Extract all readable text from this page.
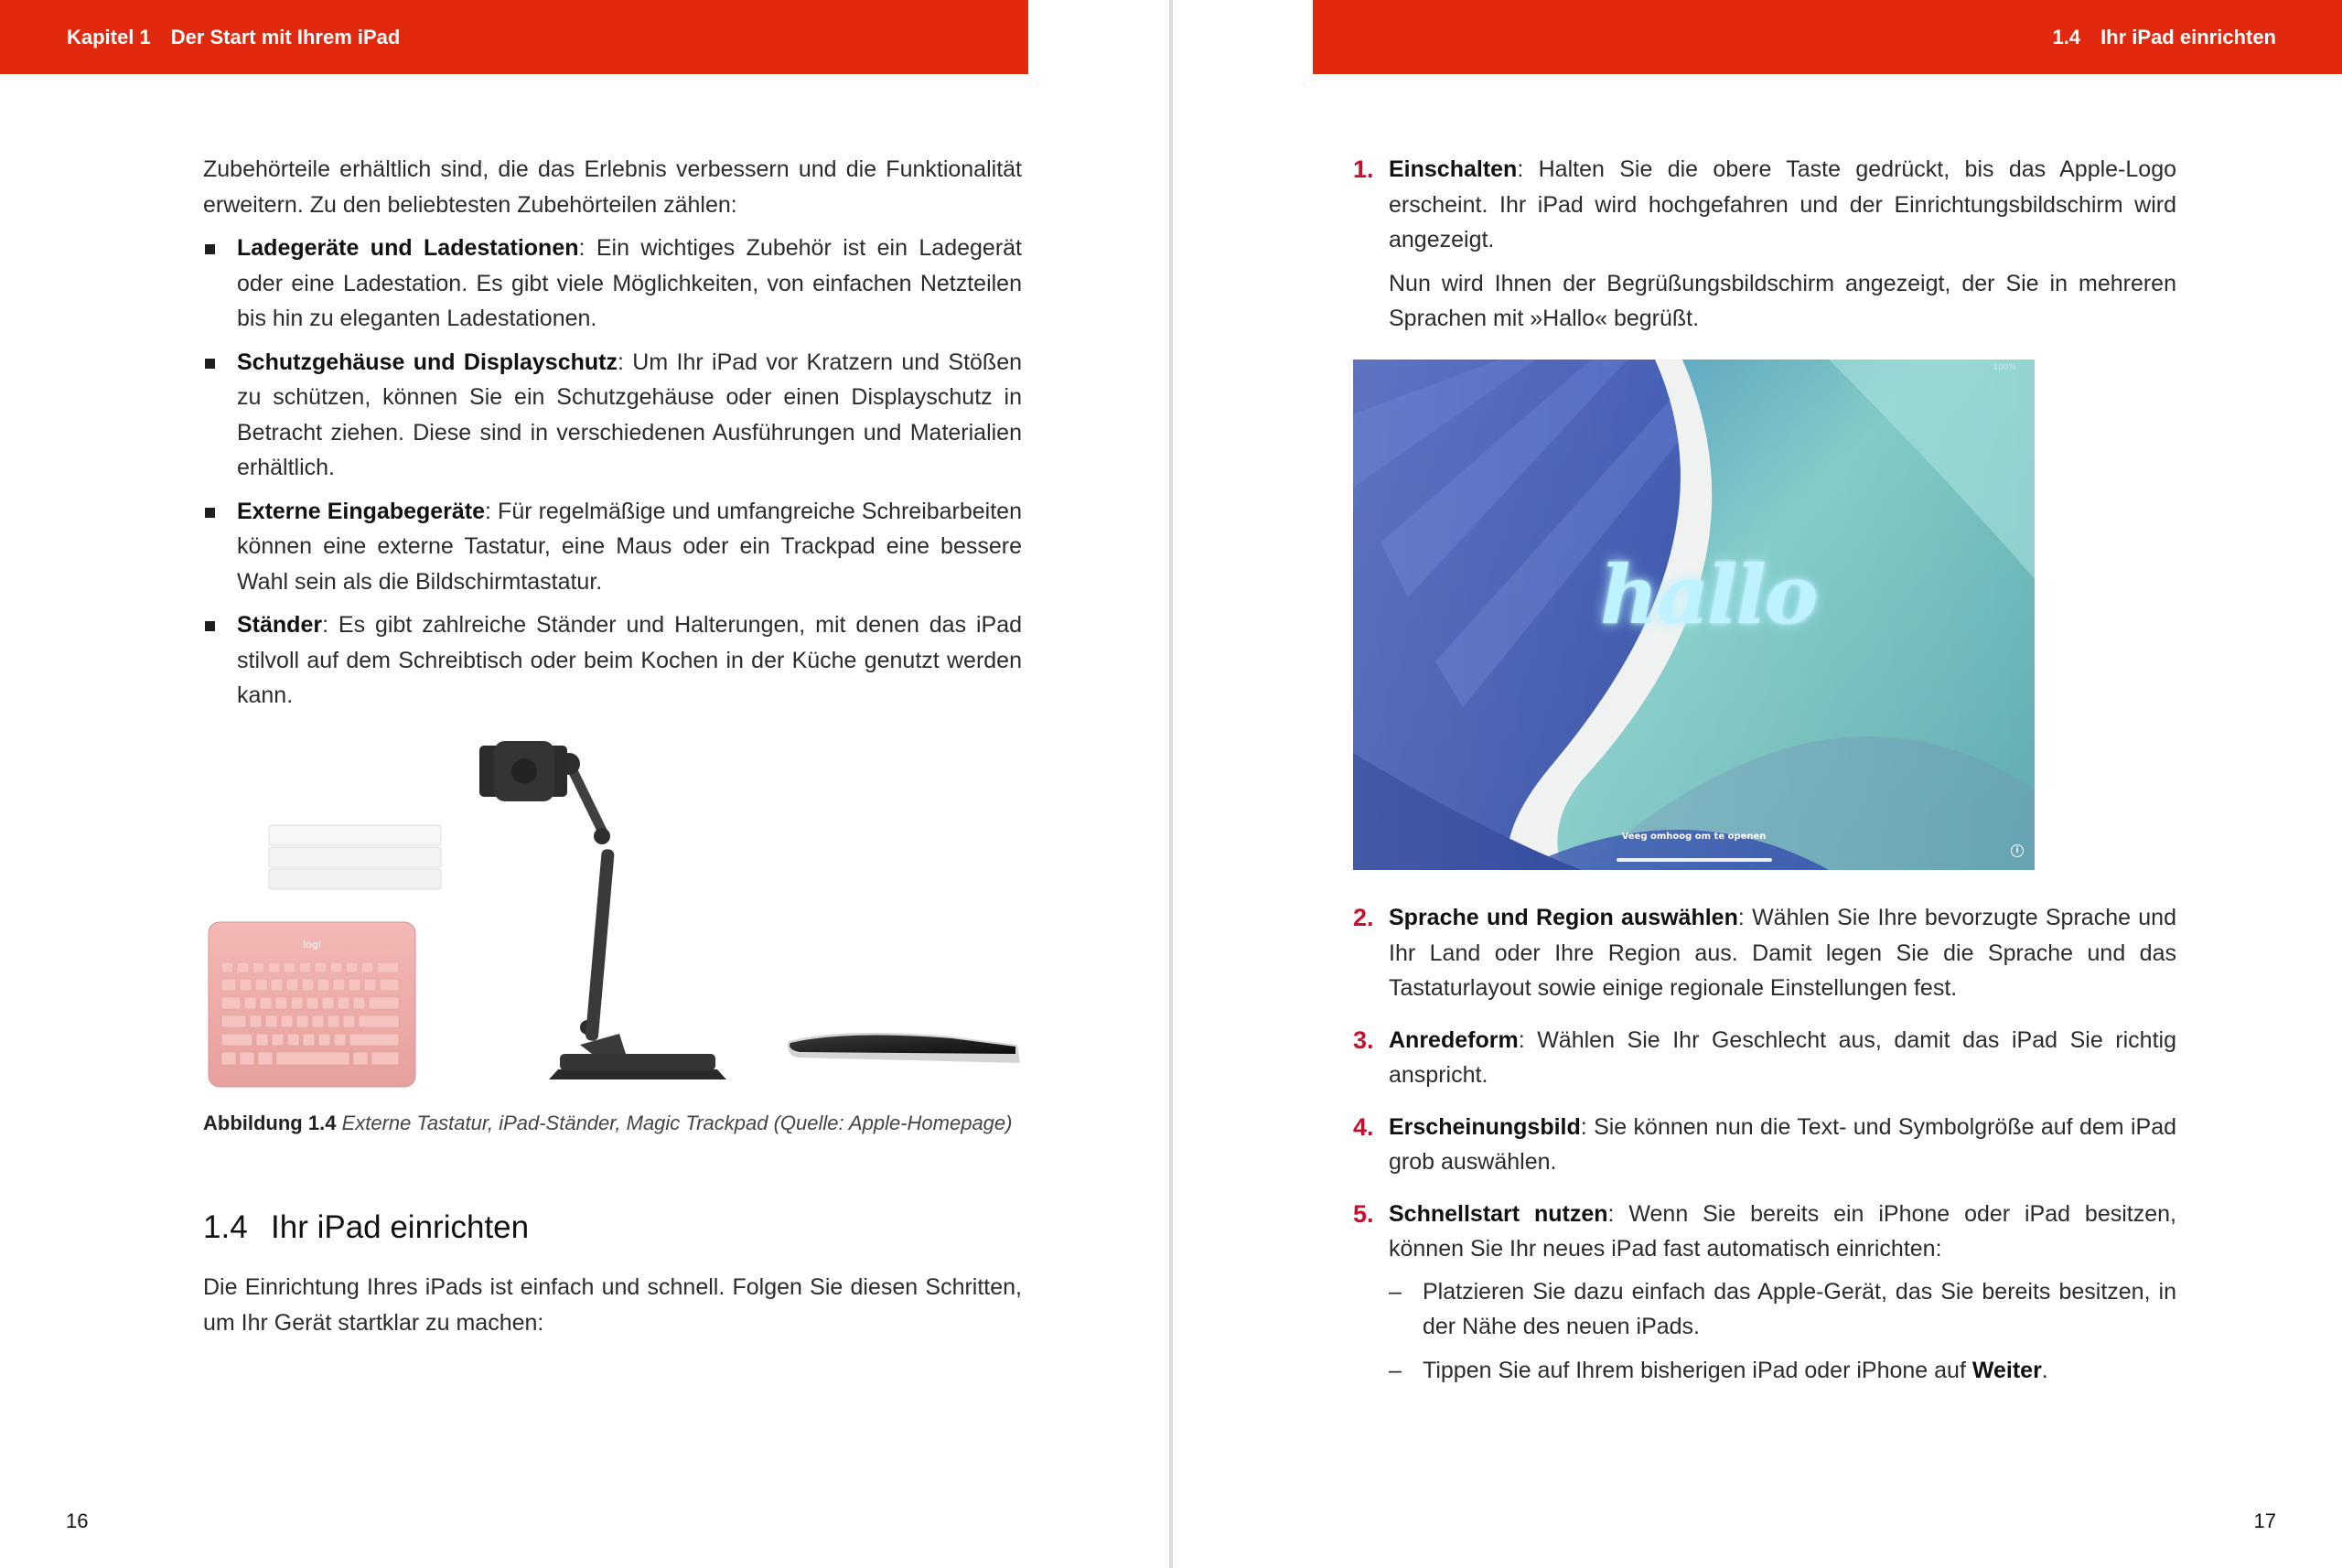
Kapitel 1 Der Start mit Ihrem iPad

Zubehörteile erhältlich sind, die das Erlebnis verbessern und die Funktionalität erweitern. Zu den beliebtesten Zubehörteilen zählen:

Ladegeräte und Ladestationen: Ein wichtiges Zubehör ist ein Ladegerät oder eine Ladestation. Es gibt viele Möglichkeiten, von einfachen Netzteilen bis hin zu eleganten Ladestationen.
Schutzgehäuse und Displayschutz: Um Ihr iPad vor Kratzern und Stößen zu schützen, können Sie ein Schutzgehäuse oder einen Displayschutz in Betracht ziehen. Diese sind in verschiedenen Ausführungen und Materialien erhältlich.
Externe Eingabegeräte: Für regelmäßige und umfangreiche Schreibarbeiten können eine externe Tastatur, eine Maus oder ein Trackpad eine bessere Wahl sein als die Bildschirmtastatur.
Ständer: Es gibt zahlreiche Ständer und Halterungen, mit denen das iPad stilvoll auf dem Schreibtisch oder beim Kochen in der Küche genutzt werden kann.
logi
Abbildung 1.4 Externe Tastatur, iPad-Ständer, Magic Trackpad (Quelle: Apple-Homepage)
1.4 Ihr iPad einrichten

Die Einrichtung Ihres iPads ist einfach und schnell. Folgen Sie diesen Schritten, um Ihr Gerät startklar zu machen:

16
1.4 Ihr iPad einrichten
1. Einschalten: Halten Sie die obere Taste gedrückt, bis das Apple-Logo erscheint. Ihr iPad wird hochgefahren und der Einrichtungsbildschirm wird angezeigt.

Nun wird Ihnen der Begrüßungsbildschirm angezeigt, der Sie in mehreren Sprachen mit »Hallo« begrüßt.

100%
hallo
Veeg omhoog om te openen
i
2. Sprache und Region auswählen: Wählen Sie Ihre bevorzugte Sprache und Ihr Land oder Ihre Region aus. Damit legen Sie die Sprache und das Tastaturlayout sowie einige regionale Einstellungen fest.
3. Anredeform: Wählen Sie Ihr Geschlecht aus, damit das iPad Sie richtig anspricht.
4. Erscheinungsbild: Sie können nun die Text- und Symbolgröße auf dem iPad grob auswählen.
5. Schnellstart nutzen: Wenn Sie bereits ein iPhone oder iPad besitzen, können Sie Ihr neues iPad fast automatisch einrichten:
– Platzieren Sie dazu einfach das Apple-Gerät, das Sie bereits besitzen, in der Nähe des neuen iPads.
– Tippen Sie auf Ihrem bisherigen iPad oder iPhone auf Weiter.
17
